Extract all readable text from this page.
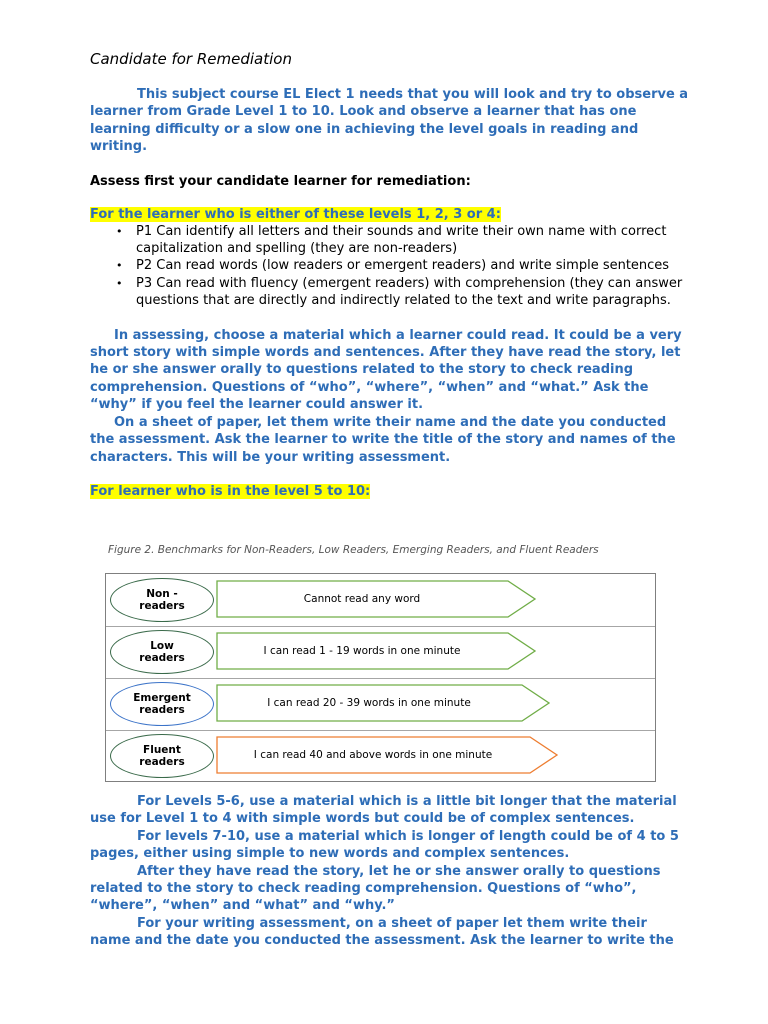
Candidate for Remediation

This subject course EL Elect 1 needs that you will look and try to observe a learner from Grade Level 1 to 10. Look and observe a learner that has one learning difficulty or a slow one in achieving the level goals in reading and writing.

Assess first your candidate learner for remediation:

For the learner who is either of these levels 1, 2, 3 or 4:

• P1 Can identify all letters and their sounds and write their own name with correct capitalization and spelling (they are non-readers)
• P2 Can read words (low readers or emergent readers) and write simple sentences
• P3 Can read with fluency (emergent readers) with comprehension (they can answer questions that are directly and indirectly related to the text and write paragraphs.

In assessing, choose a material which a learner could read. It could be a very short story with simple words and sentences. After they have read the story, let he or she answer orally to questions related to the story to check reading comprehension. Questions of “who”, “where”, “when” and “what.” Ask the “why” if you feel the learner could answer it.

On a sheet of paper, let them write their name and the date you conducted the assessment. Ask the learner to write the title of the story and names of the characters. This will be your writing assessment.

For learner who is in the level 5 to 10:

Figure 2. Benchmarks for Non-Readers, Low Readers, Emerging Readers, and Fluent Readers

Non -
readers
Cannot read any word
Low
readers
I can read 1 - 19 words in one minute
Emergent
readers
I can read 20 - 39 words in one minute
Fluent
readers
I can read 40 and above words in one minute

For Levels 5-6, use a material which is a little bit longer that the material use for Level 1 to 4 with simple words but could be of complex sentences.

For levels 7-10, use a material which is longer of length could be of 4 to 5 pages, either using simple to new words and complex sentences.

After they have read the story, let he or she answer orally to questions related to the story to check reading comprehension. Questions of “who”, “where”, “when” and “what” and “why.”

For your writing assessment, on a sheet of paper let them write their name and the date you conducted the assessment. Ask the learner to write the
